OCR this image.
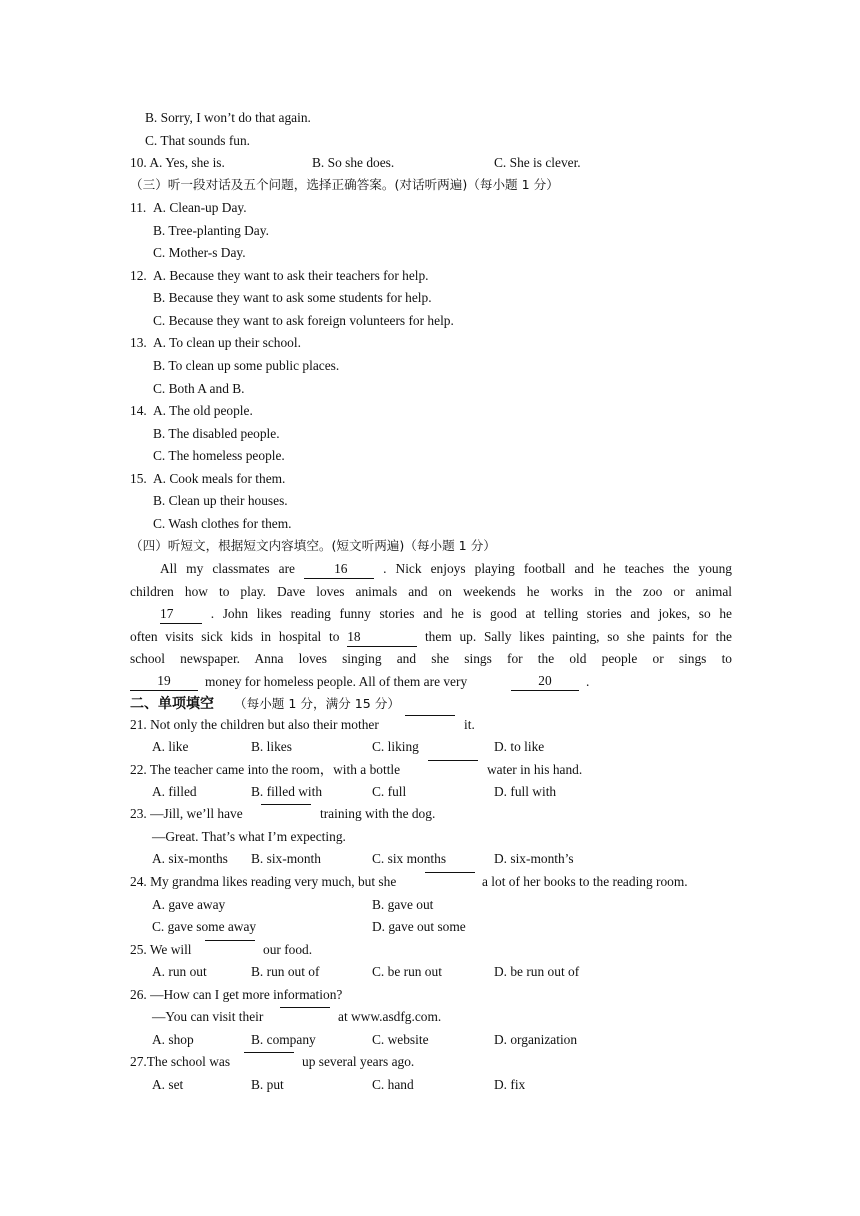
B. Sorry, I won’t do that again.
C. That sounds fun.
10. A. Yes, she is.	B. So she does.	C. She is clever.
（三）听一段对话及五个问题，选择正确答案。(对话听两遍)（每小题 1 分）
11. A. Clean-up Day.
B. Tree-planting Day.
C. Mother-s Day.
12. A. Because they want to ask their teachers for help.
B. Because they want to ask some students for help.
C. Because they want to ask foreign volunteers for help.
13. A. To clean up their school.
B. To clean up some public places.
C. Both A and B.
14. A. The old people.
B. The disabled people.
C. The homeless people.
15. A. Cook meals for them.
B. Clean up their houses.
C. Wash clothes for them.
（四）听短文，根据短文内容填空。(短文听两遍)（每小题 1 分）
All my classmates are	16	. Nick enjoys playing football and he teaches the young
children how to play. Dave loves animals and on weekends he works in the zoo or animal
17	. John likes reading funny stories and he is good at telling stories and jokes, so he
often visits sick kids in hospital to 18	them up. Sally likes painting, so she paints for the
school newspaper. Anna loves singing and she sings for the old people or sings to
19	money for homeless people. All of them are very	20	.
二、单项填空 （每小题 1 分，满分 15 分）
21. Not only the children but also their mother	it.
A. like	B. likes	C. liking	D. to like
22. The teacher came into the room，with a bottle	water in his hand.
A. filled	B. filled with	C. full	D. full with
23. —Jill, we’ll have	training with the dog.
—Great. That’s what I’m expecting.
A. six-months B. six-month	C. six months	D. six-month’s
24. My grandma likes reading very much, but she	a lot of her books to the reading room.
A. gave away	B. gave out
C. gave some away	D. gave out some
25. We will	our food.
A. run out	B. run out of	C. be run out	D. be run out of
26. —How can I get more information?
—You can visit their	at www.asdfg.com.
A. shop	B. company	C. website	D. organization
27.The school was	up several years ago.
A. set	B. put	C. hand	D. fix
